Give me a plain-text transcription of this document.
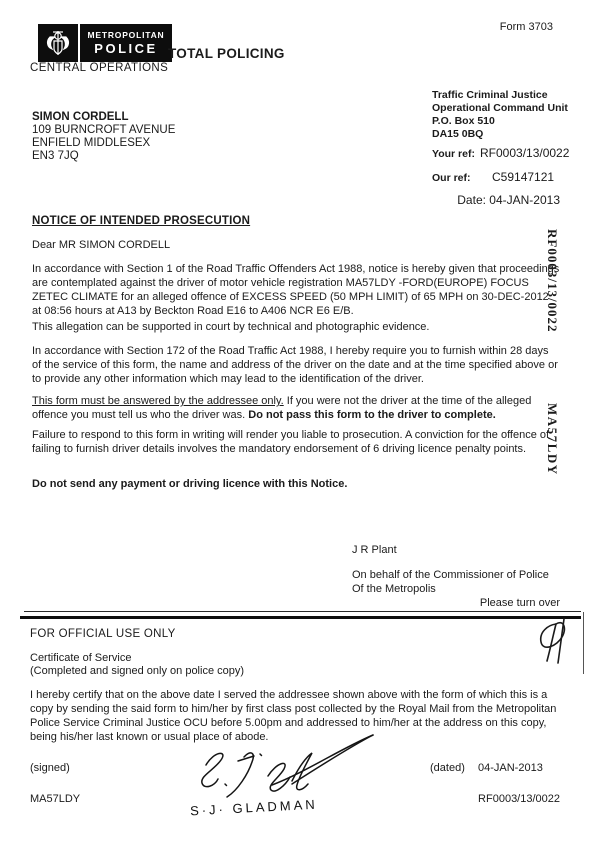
Form 3703
METROPOLITAN
POLICE TOTAL POLICING
CENTRAL OPERATIONS
SIMON CORDELL
109 BURNCROFT AVENUE
ENFIELD MIDDLESEX
EN3 7JQ
Traffic Criminal Justice
Operational Command Unit
P.O. Box 510
DA15 0BQ
Your ref: RF0003/13/0022
Our ref: C59147121
Date: 04-JAN-2013
NOTICE OF INTENDED PROSECUTION
Dear MR SIMON CORDELL
In accordance with Section 1 of the Road Traffic Offenders Act 1988, notice is hereby given that proceedings are contemplated against the driver of motor vehicle registration MA57LDY -FORD(EUROPE) FOCUS ZETEC CLIMATE for an alleged offence of EXCESS SPEED (50 MPH LIMIT) of 65 MPH on 30-DEC-2012 at 08:56 hours at A13 by Beckton Road E16 to A406 NCR E6 E/B.
This allegation can be supported in court by technical and photographic evidence.
In accordance with Section 172 of the Road Traffic Act 1988, I hereby require you to furnish within 28 days of the service of this form, the name and address of the driver on the date and at the time specified above or to provide any other information which may lead to the identification of the driver.
This form must be answered by the addressee only. If you were not the driver at the time of the alleged offence you must tell us who the driver was. Do not pass this form to the driver to complete.
Failure to respond to this form in writing will render you liable to prosecution. A conviction for the offence of failing to furnish driver details involves the mandatory endorsement of 6 driving licence penalty points.
Do not send any payment or driving licence with this Notice.
J R Plant
On behalf of the Commissioner of Police
Of the Metropolis
Please turn over
RF0003/13/0022
MA57LDY
FOR OFFICIAL USE ONLY
Certificate of Service
(Completed and signed only on police copy)
I hereby certify that on the above date I served the addressee shown above with the form of which this is a copy by sending the said form to him/her by first class post collected by the Royal Mail from the Metropolitan Police Service Criminal Justice OCU before 5.00pm and addressed to him/her at the address on this copy, being his/her last known or usual place of abode.
(signed)
S·J· GLADMAN
(dated) 04-JAN-2013
MA57LDY	RF0003/13/0022
